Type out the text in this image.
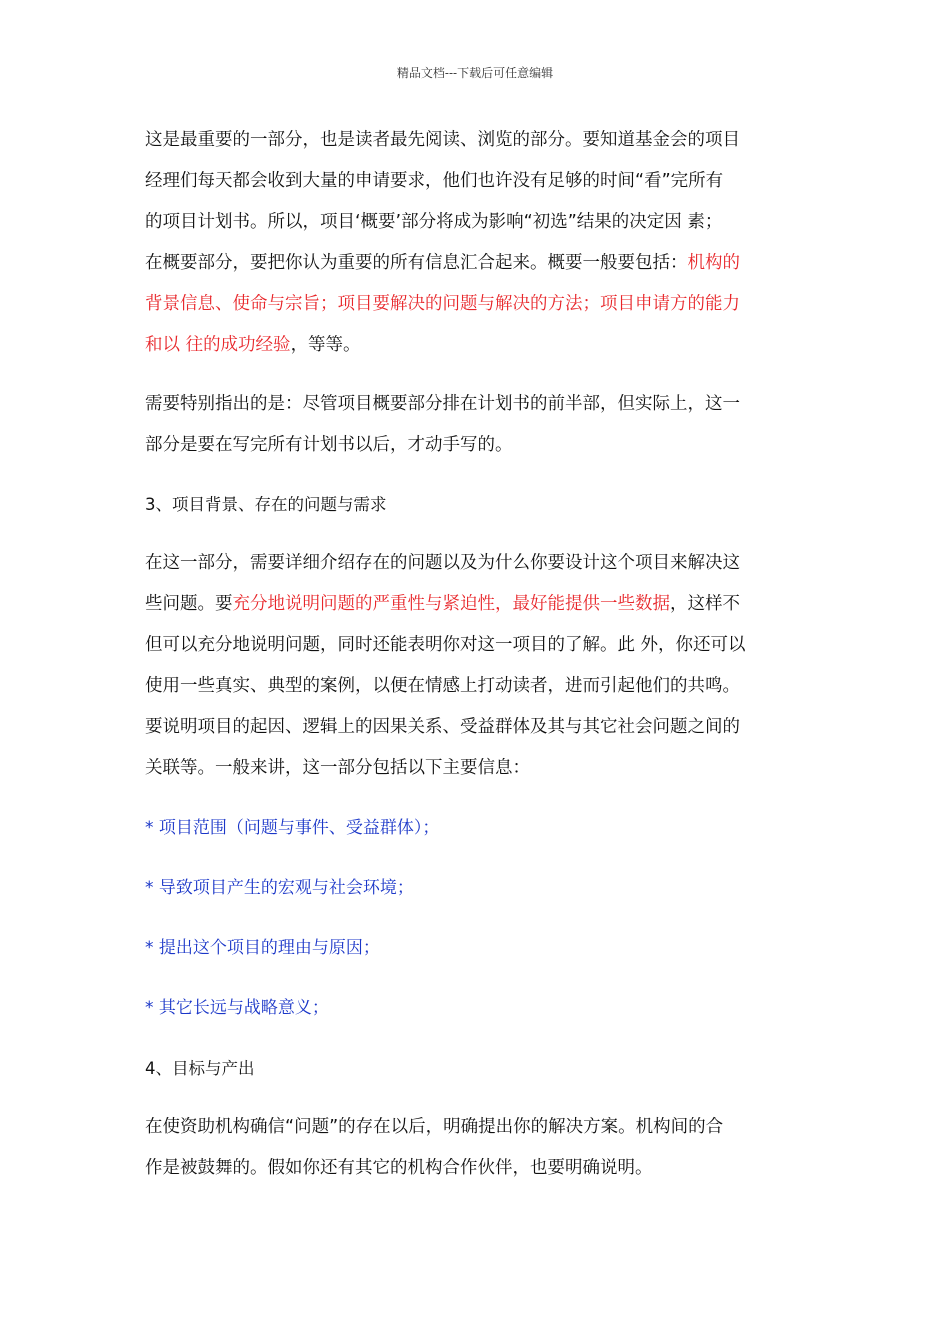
精品文档---下载后可任意编辑

这是最重要的一部分，也是读者最先阅读、浏览的部分。要知道基金会的项目
经理们每天都会收到大量的申请要求，他们也许没有足够的时间“看”完所有
的项目计划书。所以，项目‘概要’部分将成为影响“初选”结果的决定因 素；
在概要部分，要把你认为重要的所有信息汇合起来。概要一般要包括：机构的
背景信息、使命与宗旨；项目要解决的问题与解决的方法；项目申请方的能力
和以 往的成功经验，等等。

需要特别指出的是：尽管项目概要部分排在计划书的前半部，但实际上，这一
部分是要在写完所有计划书以后，才动手写的。

3、项目背景、存在的问题与需求

在这一部分，需要详细介绍存在的问题以及为什么你要设计这个项目来解决这
些问题。要充分地说明问题的严重性与紧迫性，最好能提供一些数据，这样不
但可以充分地说明问题，同时还能表明你对这一项目的了解。此 外，你还可以
使用一些真实、典型的案例，以便在情感上打动读者，进而引起他们的共鸣。
要说明项目的起因、逻辑上的因果关系、受益群体及其与其它社会问题之间的
关联等。一般来讲，这一部分包括以下主要信息：

* 项目范围（问题与事件、受益群体）；

* 导致项目产生的宏观与社会环境；

* 提出这个项目的理由与原因；

* 其它长远与战略意义；

4、目标与产出

在使资助机构确信“问题”的存在以后，明确提出你的解决方案。机构间的合
作是被鼓舞的。假如你还有其它的机构合作伙伴，也要明确说明。
